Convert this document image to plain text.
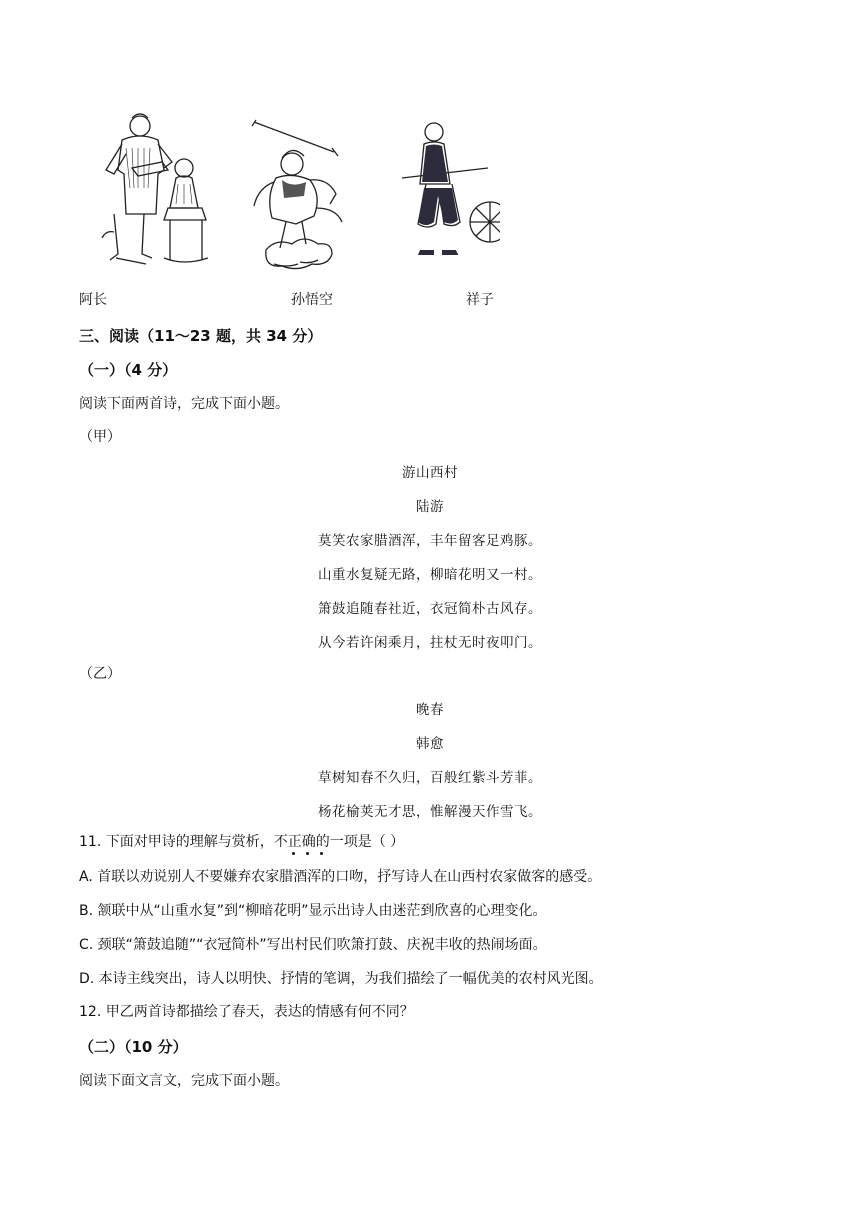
阿长	孙悟空	祥子
三、阅读（11～23 题，共 34 分）
（一）（4 分）
阅读下面两首诗，完成下面小题。
（甲）
游山西村
陆游
莫笑农家腊酒浑，丰年留客足鸡豚。
山重水复疑无路，柳暗花明又一村。
箫鼓追随春社近，衣冠简朴古风存。
从今若许闲乘月，拄杖无时夜叩门。
（乙）
晚春
韩愈
草树知春不久归，百般红紫斗芳菲。
杨花榆荚无才思，惟解漫天作雪飞。
11. 下面对甲诗的理解与赏析，不正确的一项是（ ）
A. 首联以劝说别人不要嫌弃农家腊酒浑的口吻，抒写诗人在山西村农家做客的感受。
B. 颔联中从“山重水复”到“柳暗花明”显示出诗人由迷茫到欣喜的心理变化。
C. 颈联“箫鼓追随”“衣冠简朴”写出村民们吹箫打鼓、庆祝丰收的热闹场面。
D. 本诗主线突出，诗人以明快、抒情的笔调，为我们描绘了一幅优美的农村风光图。
12. 甲乙两首诗都描绘了春天，表达的情感有何不同？
（二）（10 分）
阅读下面文言文，完成下面小题。
